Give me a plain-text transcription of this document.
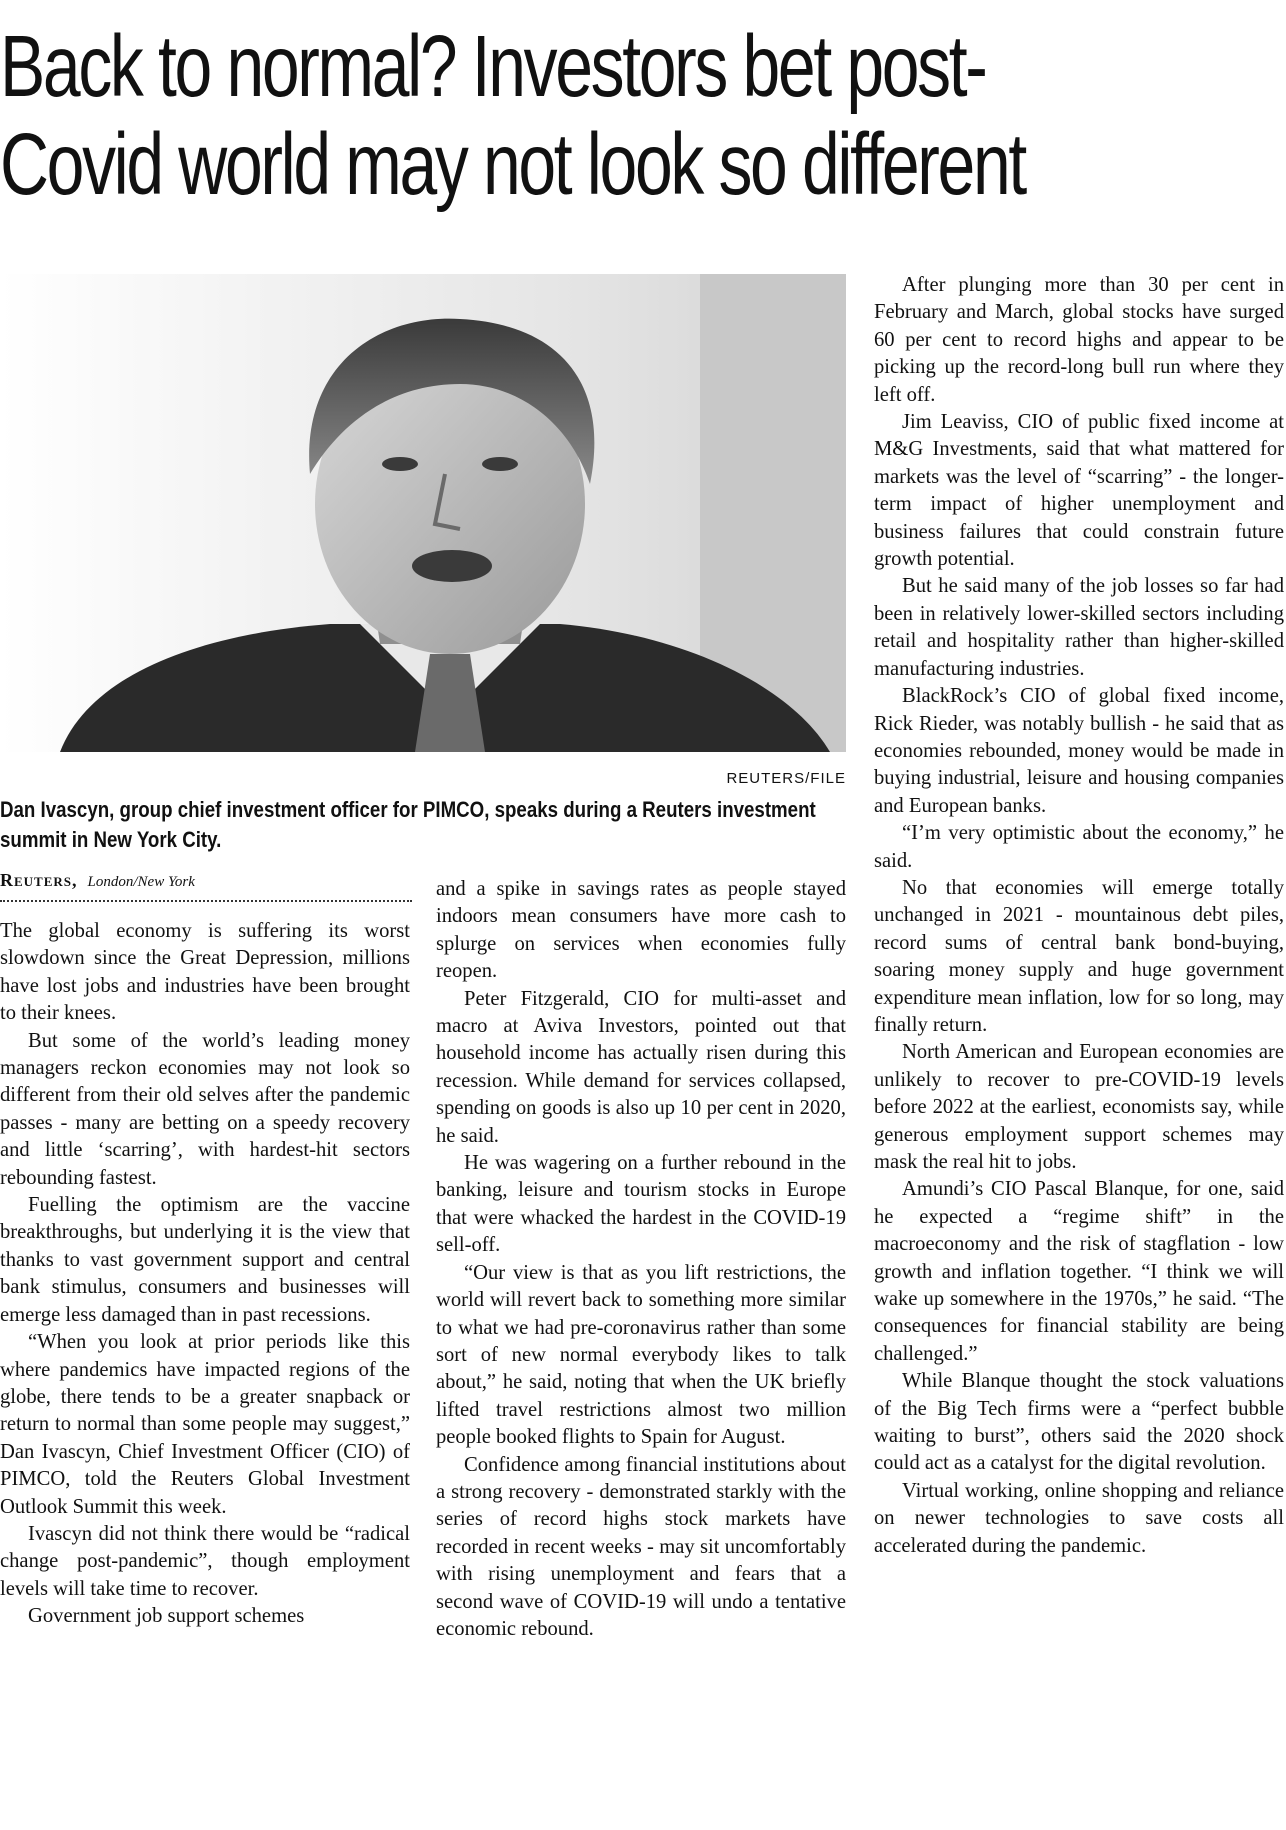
Back to normal? Investors bet post-
Covid world may not look so different
REUTERS/FILE

Dan Ivascyn, group chief investment officer for PIMCO, speaks during a Reuters investment summit in New York City.

Reuters, London/New York

The global economy is suffering its worst slowdown since the Great Depression, millions have lost jobs and industries have been brought to their knees.

But some of the world’s leading money managers reckon economies may not look so different from their old selves after the pandemic passes - many are betting on a speedy recovery and little ‘scarring’, with hardest-hit sectors rebounding fastest.

Fuelling the optimism are the vaccine breakthroughs, but underlying it is the view that thanks to vast government support and central bank stimulus, consumers and businesses will emerge less damaged than in past recessions.

“When you look at prior periods like this where pandemics have impacted regions of the globe, there tends to be a greater snapback or return to normal than some people may suggest,” Dan Ivascyn, Chief Investment Officer (CIO) of PIMCO, told the Reuters Global Investment Outlook Summit this week.

Ivascyn did not think there would be “radical change post-pandemic”, though employment levels will take time to recover.

Government job support schemes

and a spike in savings rates as people stayed indoors mean consumers have more cash to splurge on services when economies fully reopen.

Peter Fitzgerald, CIO for multi-asset and macro at Aviva Investors, pointed out that household income has actually risen during this recession. While demand for services collapsed, spending on goods is also up 10 per cent in 2020, he said.

He was wagering on a further rebound in the banking, leisure and tourism stocks in Europe that were whacked the hardest in the COVID-19 sell-off.

“Our view is that as you lift restrictions, the world will revert back to something more similar to what we had pre-coronavirus rather than some sort of new normal everybody likes to talk about,” he said, noting that when the UK briefly lifted travel restrictions almost two million people booked flights to Spain for August.

Confidence among financial institutions about a strong recovery - demonstrated starkly with the series of record highs stock markets have recorded in recent weeks - may sit uncomfortably with rising unemployment and fears that a second wave of COVID-19 will undo a tentative economic rebound.

After plunging more than 30 per cent in February and March, global stocks have surged 60 per cent to record highs and appear to be picking up the record-long bull run where they left off.

Jim Leaviss, CIO of public fixed income at M&G Investments, said that what mattered for markets was the level of “scarring” - the longer-term impact of higher unemployment and business failures that could constrain future growth potential.

But he said many of the job losses so far had been in relatively lower-skilled sectors including retail and hospitality rather than higher-skilled manufacturing industries.

BlackRock’s CIO of global fixed income, Rick Rieder, was notably bullish - he said that as economies rebounded, money would be made in buying industrial, leisure and housing companies and European banks.

“I’m very optimistic about the economy,” he said.

No that economies will emerge totally unchanged in 2021 - mountainous debt piles, record sums of central bank bond-buying, soaring money supply and huge government expenditure mean inflation, low for so long, may finally return.

North American and European economies are unlikely to recover to pre-COVID-19 levels before 2022 at the earliest, economists say, while generous employment support schemes may mask the real hit to jobs.

Amundi’s CIO Pascal Blanque, for one, said he expected a “regime shift” in the macroeconomy and the risk of stagflation - low growth and inflation together. “I think we will wake up somewhere in the 1970s,” he said. “The consequences for financial stability are being challenged.”

While Blanque thought the stock valuations of the Big Tech firms were a “perfect bubble waiting to burst”, others said the 2020 shock could act as a catalyst for the digital revolution.

Virtual working, online shopping and reliance on newer technologies to save costs all accelerated during the pandemic.
